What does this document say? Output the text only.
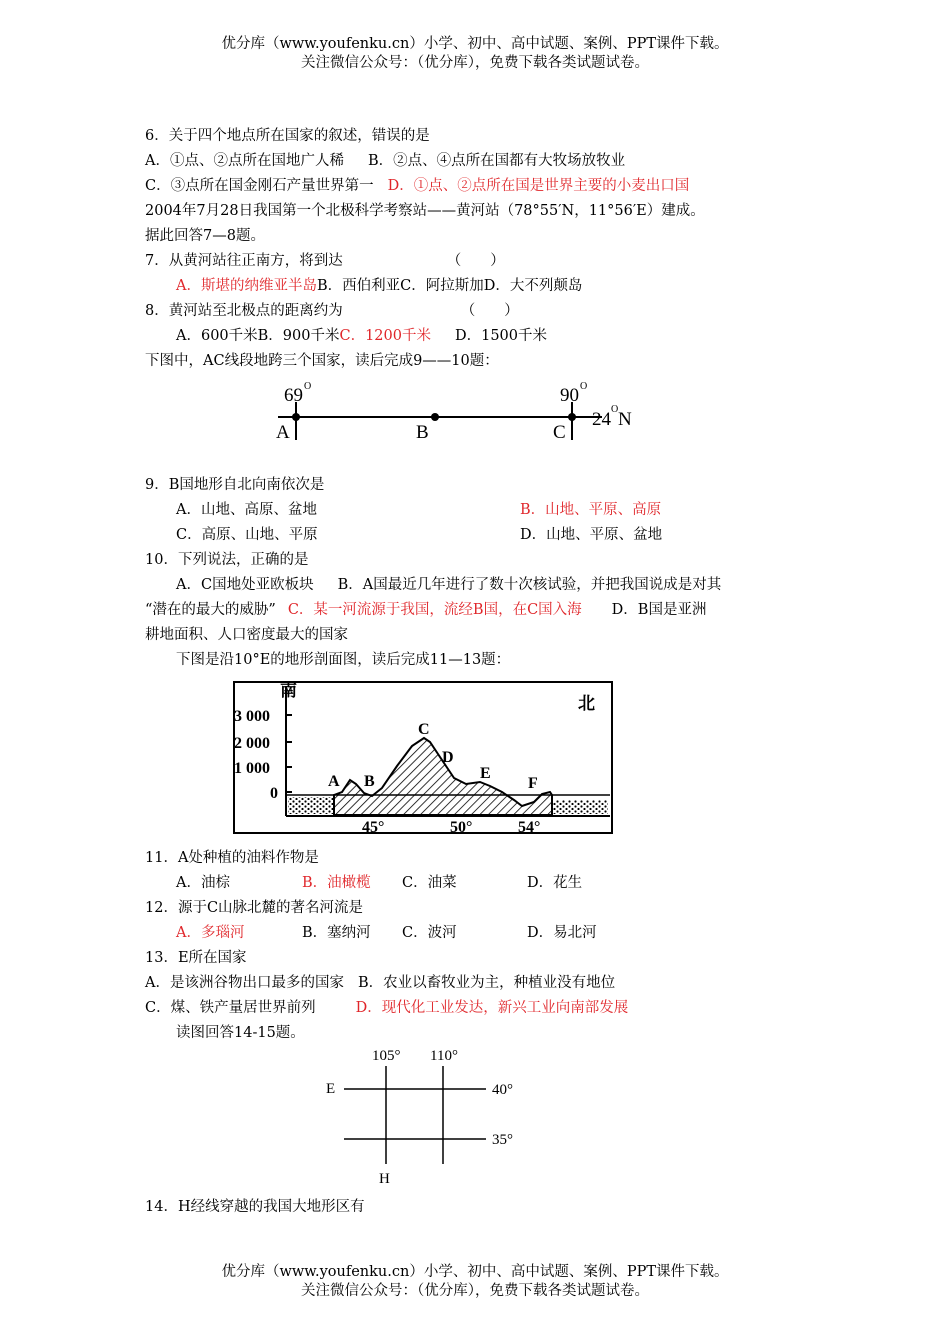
优分库（www.youfenku.cn）小学、初中、高中试题、案例、PPT课件下载。
关注微信公众号：（优分库），免费下载各类试题试卷。
6．关于四个地点所在国家的叙述，错误的是
A．①点、②点所在国地广人稀 B．②点、④点所在国都有大牧场放牧业
C．③点所在国金刚石产量世界第一 D．①点、②点所在国是世界主要的小麦出口国
2004年7月28日我国第一个北极科学考察站——黄河站（78°55′N，11°56′E）建成。
据此回答7—8题。
7．从黄河站往正南方，将到达	（　　）
A．斯堪的纳维亚半岛B．西伯利亚C．阿拉斯加D．大不列颠岛
8．黄河站至北极点的距离约为	（　　）
A．600千米B．900千米C．1200千米 D．1500千米
下图中，AC线段地跨三个国家，读后完成9——10题：
69 O	90 O
24 O N
A	B	C
9．B国地形自北向南依次是
A．山地、高原、盆地	B．山地、平原、高原
C．高原、山地、平原	D．山地、平原、盆地
10．下列说法，正确的是
A．C国地处亚欧板块 B．A国最近几年进行了数十次核试验，并把我国说成是对其
“潜在的最大的威胁” C．某一河流源于我国，流经B国，在C国入海 D．B国是亚洲
耕地面积、人口密度最大的国家
下图是沿10°E的地形剖面图，读后完成11—13题：
南
北
3 000
2 000
1 000
0
45°	50°	54°
A B
C
D
E
F
11．A处种植的油料作物是
A．油棕	B．油橄榄 C．油菜	D．花生
12．源于C山脉北麓的著名河流是
A．多瑙河	B．塞纳河 C．波河	D．易北河
13．E所在国家
A．是该洲谷物出口最多的国家 B．农业以畜牧业为主，种植业没有地位
C．煤、铁产量居世界前列	D．现代化工业发达，新兴工业向南部发展
读图回答14-15题。
105° 110°
40°
35°
E
H
14．H经线穿越的我国大地形区有
优分库（www.youfenku.cn）小学、初中、高中试题、案例、PPT课件下载。
关注微信公众号：（优分库），免费下载各类试题试卷。
